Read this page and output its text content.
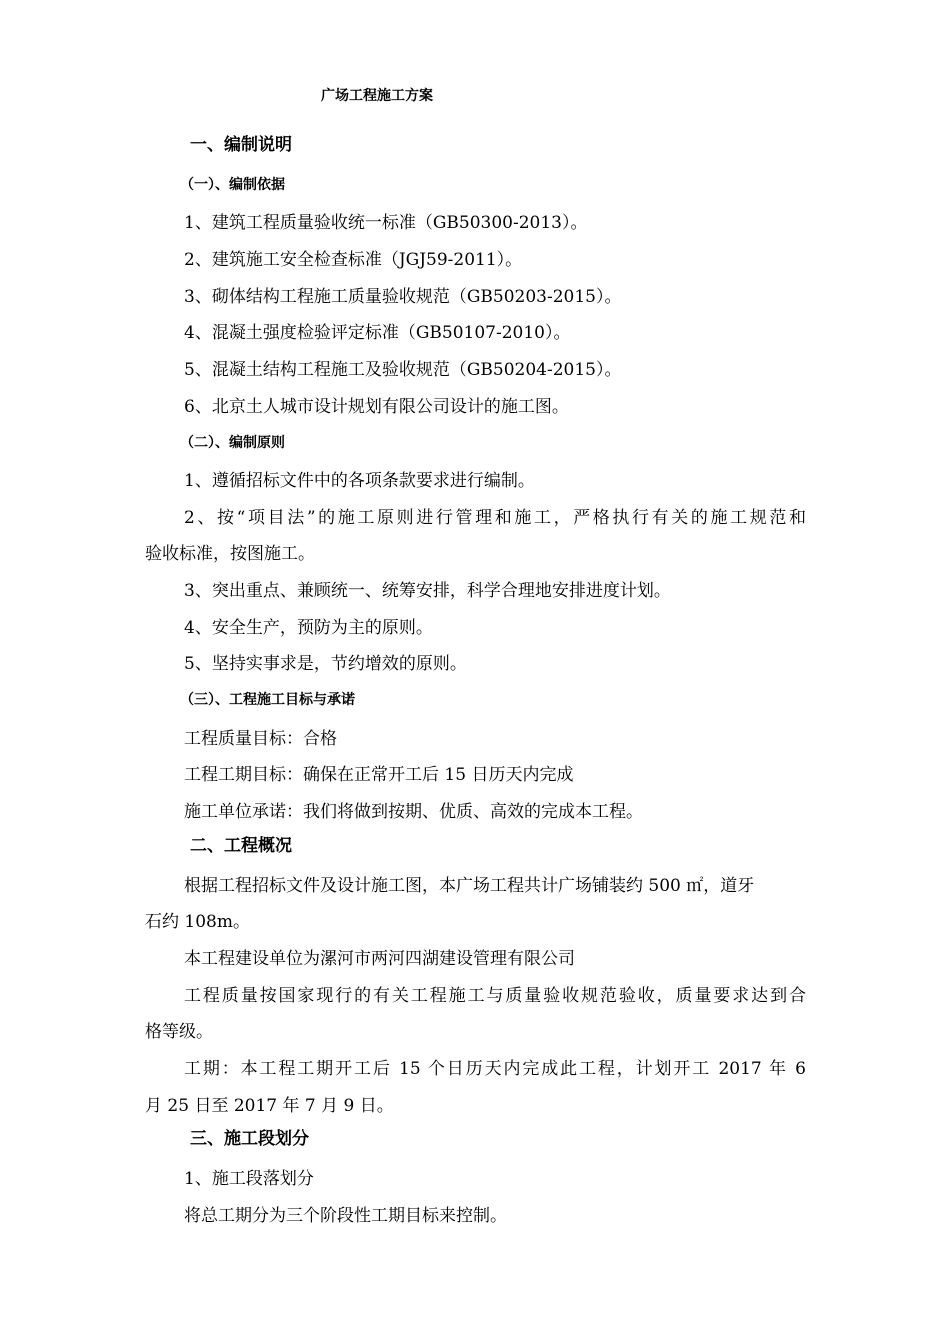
广场工程施工方案
一、编制说明
（一）、编制依据
1、建筑工程质量验收统一标准（GB50300-2013）。
2、建筑施工安全检查标准（JGJ59-2011）。
3、砌体结构工程施工质量验收规范（GB50203-2015）。
4、混凝土强度检验评定标准（GB50107-2010）。
5、混凝土结构工程施工及验收规范（GB50204-2015）。
6、北京土人城市设计规划有限公司设计的施工图。
（二）、编制原则
1、遵循招标文件中的各项条款要求进行编制。
2、按“项目法”的施工原则进行管理和施工，严格执行有关的施工规范和
验收标准，按图施工。
3、突出重点、兼顾统一、统筹安排，科学合理地安排进度计划。
4、安全生产，预防为主的原则。
5、坚持实事求是，节约增效的原则。
（三）、工程施工目标与承诺
工程质量目标：合格
工程工期目标：确保在正常开工后 15 日历天内完成
施工单位承诺：我们将做到按期、优质、高效的完成本工程。
二、工程概况
根据工程招标文件及设计施工图，本广场工程共计广场铺装约 500 ㎡，道牙
石约 108m。
本工程建设单位为漯河市两河四湖建设管理有限公司
工程质量按国家现行的有关工程施工与质量验收规范验收，质量要求达到合
格等级。
工期：本工程工期开工后 15 个日历天内完成此工程，计划开工 2017 年 6
月 25 日至 2017 年 7 月 9 日。
三、施工段划分
1、施工段落划分
将总工期分为三个阶段性工期目标来控制。
